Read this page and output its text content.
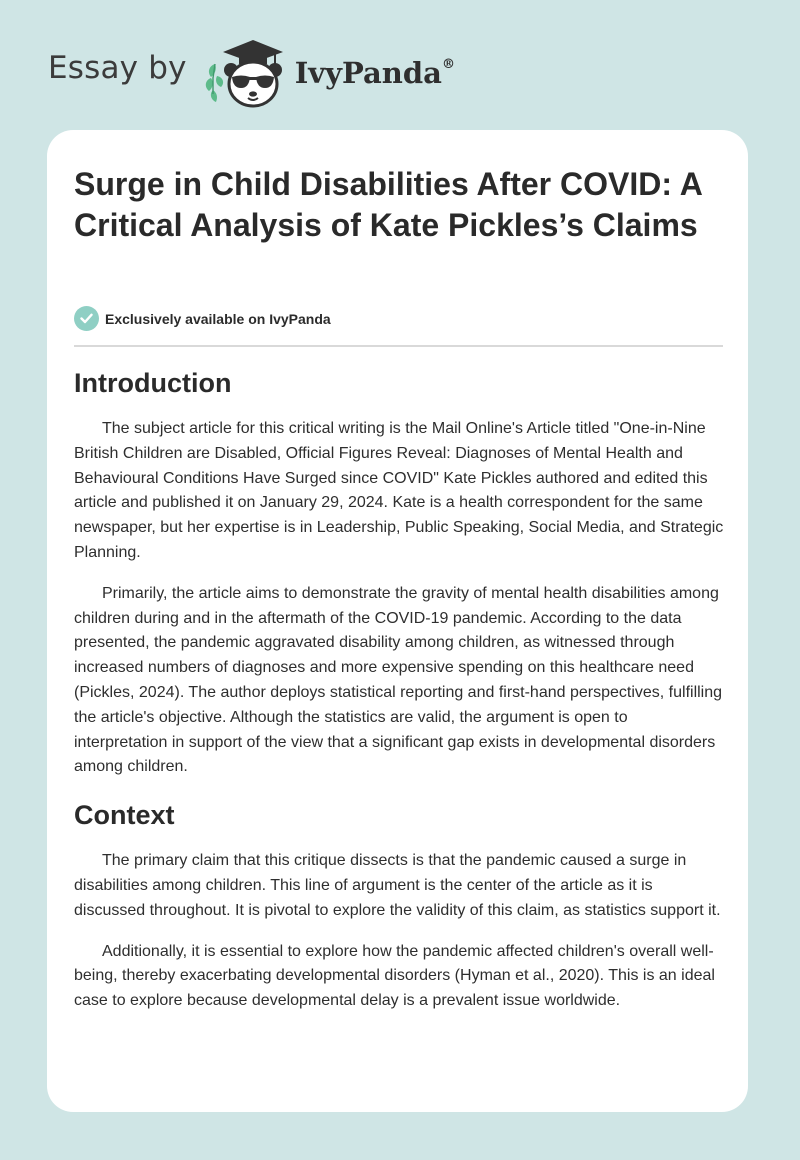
Essay by	IvyPanda®
Surge in Child Disabilities After COVID: A Critical Analysis of Kate Pickles’s Claims
Exclusively available on IvyPanda
Introduction

The subject article for this critical writing is the Mail Online's Article titled "One-in-Nine British Children are Disabled, Official Figures Reveal: Diagnoses of Mental Health and Behavioural Conditions Have Surged since COVID" Kate Pickles authored and edited this article and published it on January 29, 2024. Kate is a health correspondent for the same newspaper, but her expertise is in Leadership, Public Speaking, Social Media, and Strategic Planning.

Primarily, the article aims to demonstrate the gravity of mental health disabilities among children during and in the aftermath of the COVID-19 pandemic. According to the data presented, the pandemic aggravated disability among children, as witnessed through increased numbers of diagnoses and more expensive spending on this healthcare need (Pickles, 2024). The author deploys statistical reporting and first-hand perspectives, fulfilling the article's objective. Although the statistics are valid, the argument is open to interpretation in support of the view that a significant gap exists in developmental disorders among children.

Context

The primary claim that this critique dissects is that the pandemic caused a surge in disabilities among children. This line of argument is the center of the article as it is discussed throughout. It is pivotal to explore the validity of this claim, as statistics support it.

Additionally, it is essential to explore how the pandemic affected children's overall well-being, thereby exacerbating developmental disorders (Hyman et al., 2020). This is an ideal case to explore because developmental delay is a prevalent issue worldwide.
